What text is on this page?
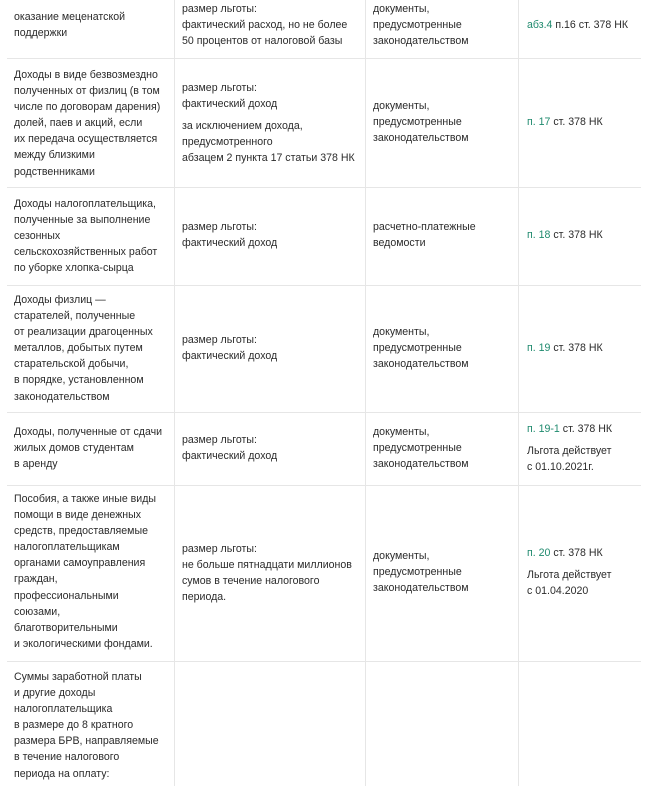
оказание меценатской
поддержки
размер льготы:
фактический расход, но не более
50 процентов от налоговой базы
документы,
предусмотренные
законодательством
абз.4 п.16 ст. 378 НК
Доходы в виде безвозмездно
полученных от физлиц (в том
числе по договорам дарения)
долей, паев и акций, если
их передача осуществляется
между близкими
родственниками
размер льготы:
фактический доход
за исключением дохода,
предусмотренного
абзацем 2 пункта 17 статьи 378 НК
документы,
предусмотренные
законодательством
п. 17 ст. 378 НК
Доходы налогоплательщика,
полученные за выполнение
сезонных
сельскохозяйственных работ
по уборке хлопка-сырца
размер льготы:
фактический доход
расчетно-платежные
ведомости
п. 18 ст. 378 НК
Доходы физлиц —
старателей, полученные
от реализации драгоценных
металлов, добытых путем
старательской добычи,
в порядке, установленном
законодательством
размер льготы:
фактический доход
документы,
предусмотренные
законодательством
п. 19 ст. 378 НК
Доходы, полученные от сдачи
жилых домов студентам
в аренду
размер льготы:
фактический доход
документы,
предусмотренные
законодательством
п. 19-1 ст. 378 НК
Льгота действует
с 01.10.2021г.
Пособия, а также иные виды
помощи в виде денежных
средств, предоставляемые
налогоплательщикам
органами самоуправления
граждан,
профессиональными
союзами,
благотворительными
и экологическими фондами.
размер льготы:
не больше пятнадцати миллионов
сумов в течение налогового
периода.
документы,
предусмотренные
законодательством
п. 20 ст. 378 НК
Льгота действует
с 01.04.2020
Суммы заработной платы
и другие доходы
налогоплательщика
в размере до 8 кратного
размера БРВ, направляемые
в течение налогового
периода на оплату:
